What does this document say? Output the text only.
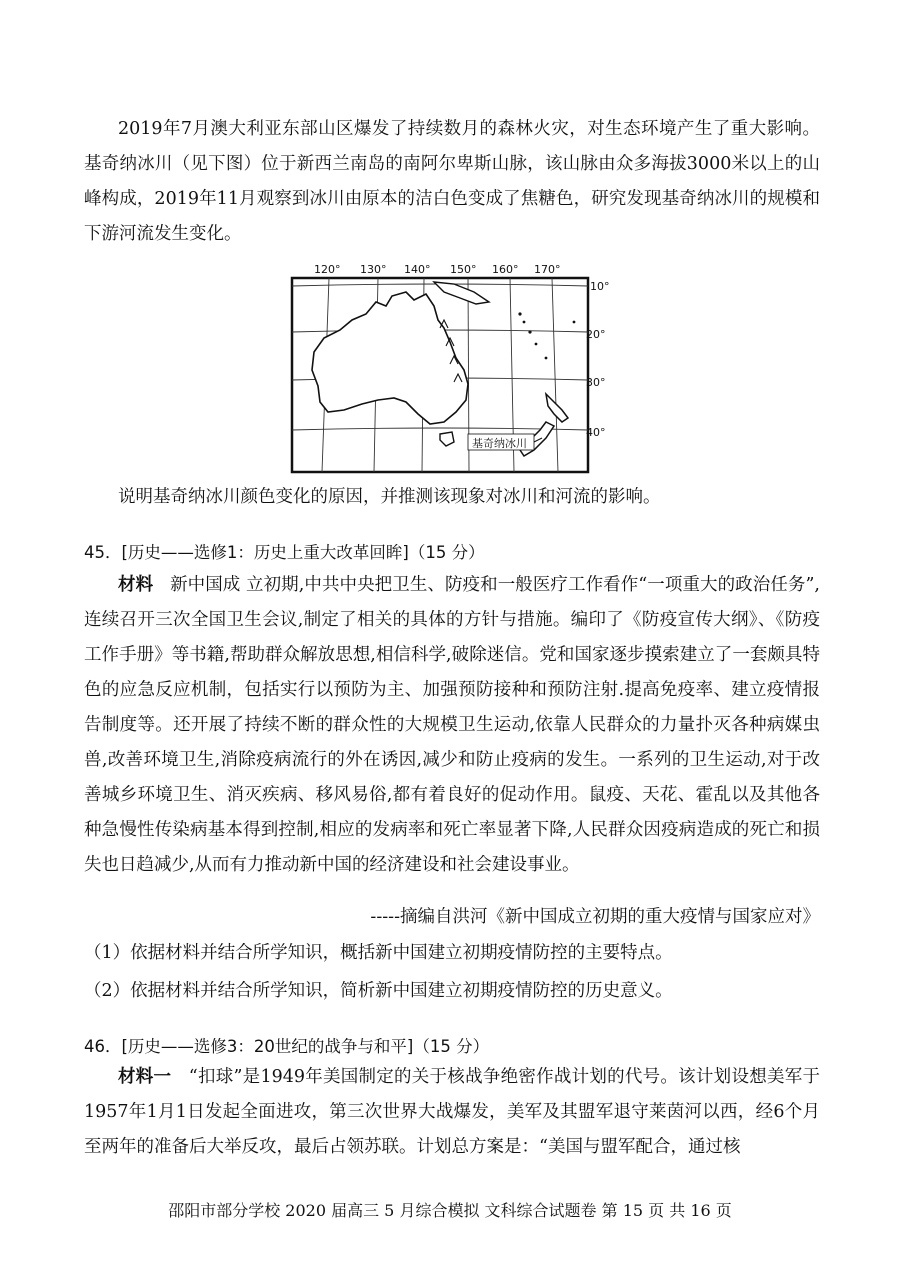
2019年7月澳大利亚东部山区爆发了持续数月的森林火灾，对生态环境产生了重大影响。基奇纳冰川（见下图）位于新西兰南岛的南阿尔卑斯山脉，该山脉由众多海拔3000米以上的山峰构成，2019年11月观察到冰川由原本的洁白色变成了焦糖色，研究发现基奇纳冰川的规模和下游河流发生变化。

120° 130° 140° 150° 160° 170°
10°
20°
30°
40°
基奇纳冰川

说明基奇纳冰川颜色变化的原因，并推测该现象对冰川和河流的影响。

45．[历史——选修1：历史上重大改革回眸]（15 分）

材料 新中国成 立初期,中共中央把卫生、防疫和一般医疗工作看作“一项重大的政治任务”,连续召开三次全国卫生会议,制定了相关的具体的方针与措施。编印了《防疫宣传大纲》、《防疫工作手册》等书籍,帮助群众解放思想,相信科学,破除迷信。党和国家逐步摸索建立了一套颇具特色的应急反应机制，包括实行以预防为主、加强预防接种和预防注射.提高免疫率、建立疫情报告制度等。还开展了持续不断的群众性的大规模卫生运动,依靠人民群众的力量扑灭各种病媒虫兽,改善环境卫生,消除疫病流行的外在诱因,减少和防止疫病的发生。一系列的卫生运动,对于改善城乡环境卫生、消灭疾病、移风易俗,都有着良好的促动作用。鼠疫、天花、霍乱以及其他各种急慢性传染病基本得到控制,相应的发病率和死亡率显著下降,人民群众因疫病造成的死亡和损失也日趋减少,从而有力推动新中国的经济建设和社会建设事业。

-----摘编自洪河《新中国成立初期的重大疫情与国家应对》

（1）依据材料并结合所学知识，概括新中国建立初期疫情防控的主要特点。

（2）依据材料并结合所学知识，简析新中国建立初期疫情防控的历史意义。

46．[历史——选修3：20世纪的战争与和平]（15 分）

材料一 “扣球”是1949年美国制定的关于核战争绝密作战计划的代号。该计划设想美军于1957年1月1日发起全面进攻，第三次世界大战爆发，美军及其盟军退守莱茵河以西，经6个月至两年的准备后大举反攻，最后占领苏联。计划总方案是：“美国与盟军配合，通过核

邵阳市部分学校 2020 届高三 5 月综合模拟 文科综合试题卷 第 15 页 共 16 页
